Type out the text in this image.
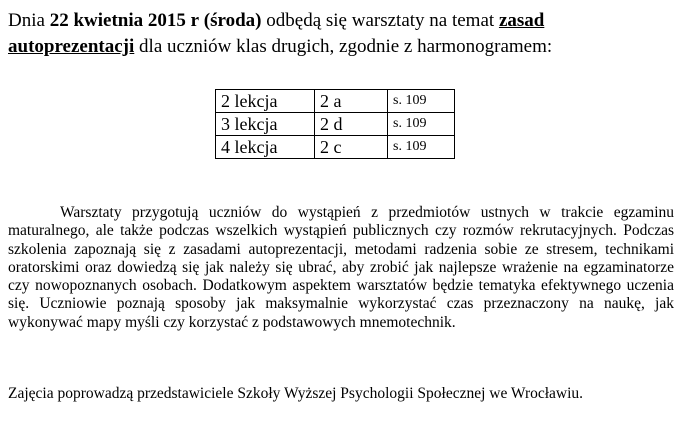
Dnia 22 kwietnia 2015 r (środa) odbędą się warsztaty na temat zasad
autoprezentacji dla uczniów klas drugich, zgodnie z harmonogramem:
2 lekcja	2 a	s. 109
3 lekcja	2 d	s. 109
4 lekcja	2 c	s. 109
Warsztaty przygotują uczniów do wystąpień z przedmiotów ustnych w trakcie egzaminu maturalnego, ale także podczas wszelkich wystąpień publicznych czy rozmów rekrutacyjnych. Podczas szkolenia zapoznają się z zasadami autoprezentacji, metodami radzenia sobie ze stresem, technikami oratorskimi oraz dowiedzą się jak należy się ubrać, aby zrobić jak najlepsze wrażenie na egzaminatorze czy nowopoznanych osobach. Dodatkowym aspektem warsztatów będzie tematyka efektywnego uczenia się. Uczniowie poznają sposoby jak maksymalnie wykorzystać czas przeznaczony na naukę, jak wykonywać mapy myśli czy korzystać z podstawowych mnemotechnik.
Zajęcia poprowadzą przedstawiciele Szkoły Wyższej Psychologii Społecznej we Wrocławiu.
